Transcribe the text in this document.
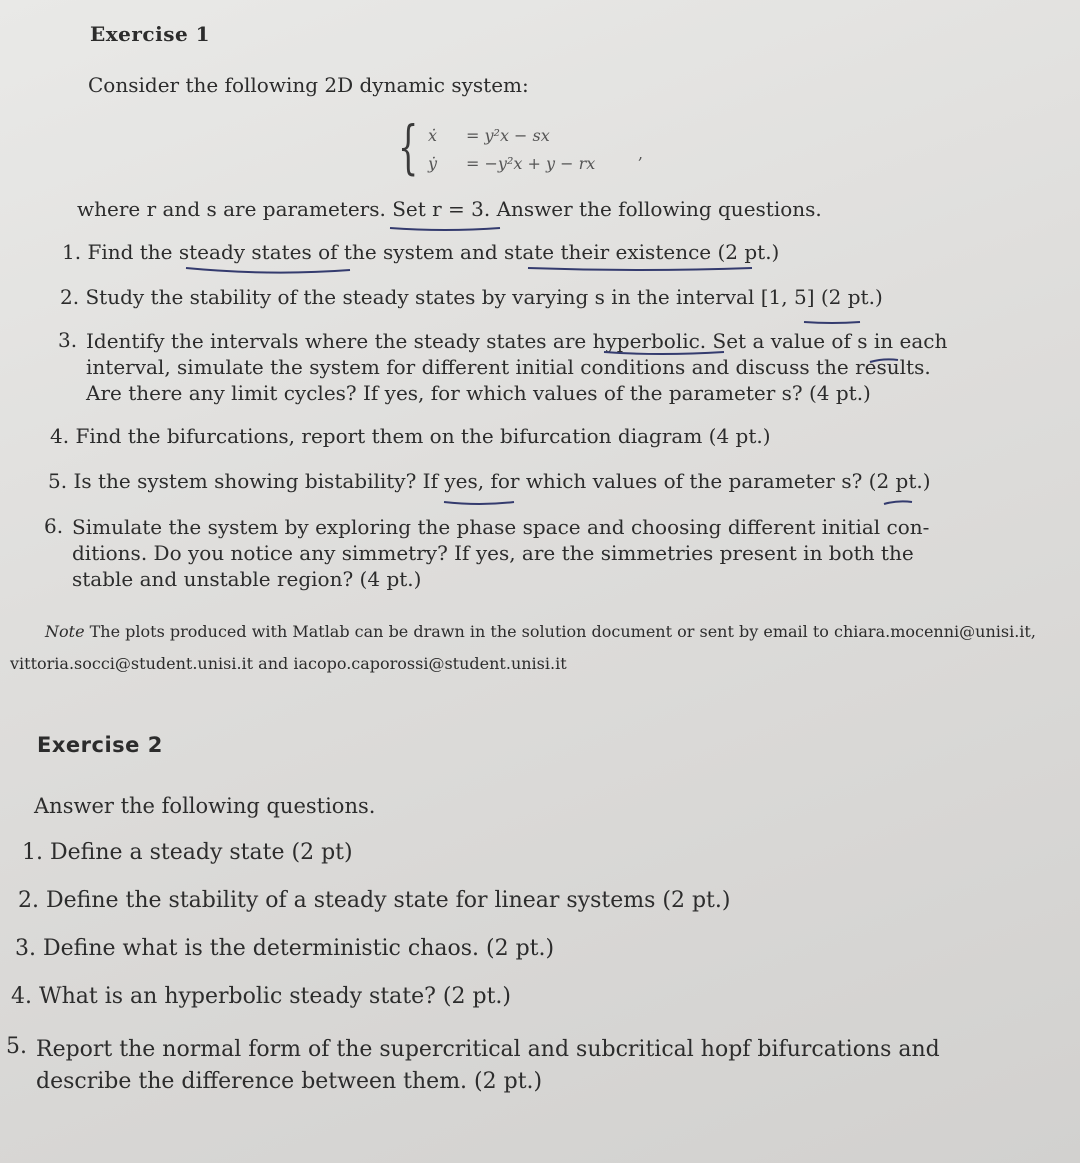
Exercise 1
Consider the following 2D dynamic system:
{ ẋ = y²x − sx
ẏ = −y²x + y − rx
,
where r and s are parameters. Set r = 3. Answer the following questions.
1. Find the steady states of the system and state their existence (2 pt.)
2. Study the stability of the steady states by varying s in the interval [1, 5] (2 pt.)
3. Identify the intervals where the steady states are hyperbolic. Set a value of s in each
interval, simulate the system for different initial conditions and discuss the results.
Are there any limit cycles? If yes, for which values of the parameter s? (4 pt.)
4. Find the bifurcations, report them on the bifurcation diagram (4 pt.)
5. Is the system showing bistability? If yes, for which values of the parameter s? (2 pt.)
6. Simulate the system by exploring the phase space and choosing different initial con-
ditions. Do you notice any simmetry? If yes, are the simmetries present in both the
stable and unstable region? (4 pt.)
Note The plots produced with Matlab can be drawn in the solution document or sent by email to chiara.mocenni@unisi.it,
vittoria.socci@student.unisi.it and iacopo.caporossi@student.unisi.it
Exercise 2
Answer the following questions.
1. Define a steady state (2 pt)
2. Define the stability of a steady state for linear systems (2 pt.)
3. Define what is the deterministic chaos. (2 pt.)
4. What is an hyperbolic steady state? (2 pt.)
5. Report the normal form of the supercritical and subcritical hopf bifurcations and
describe the difference between them. (2 pt.)
